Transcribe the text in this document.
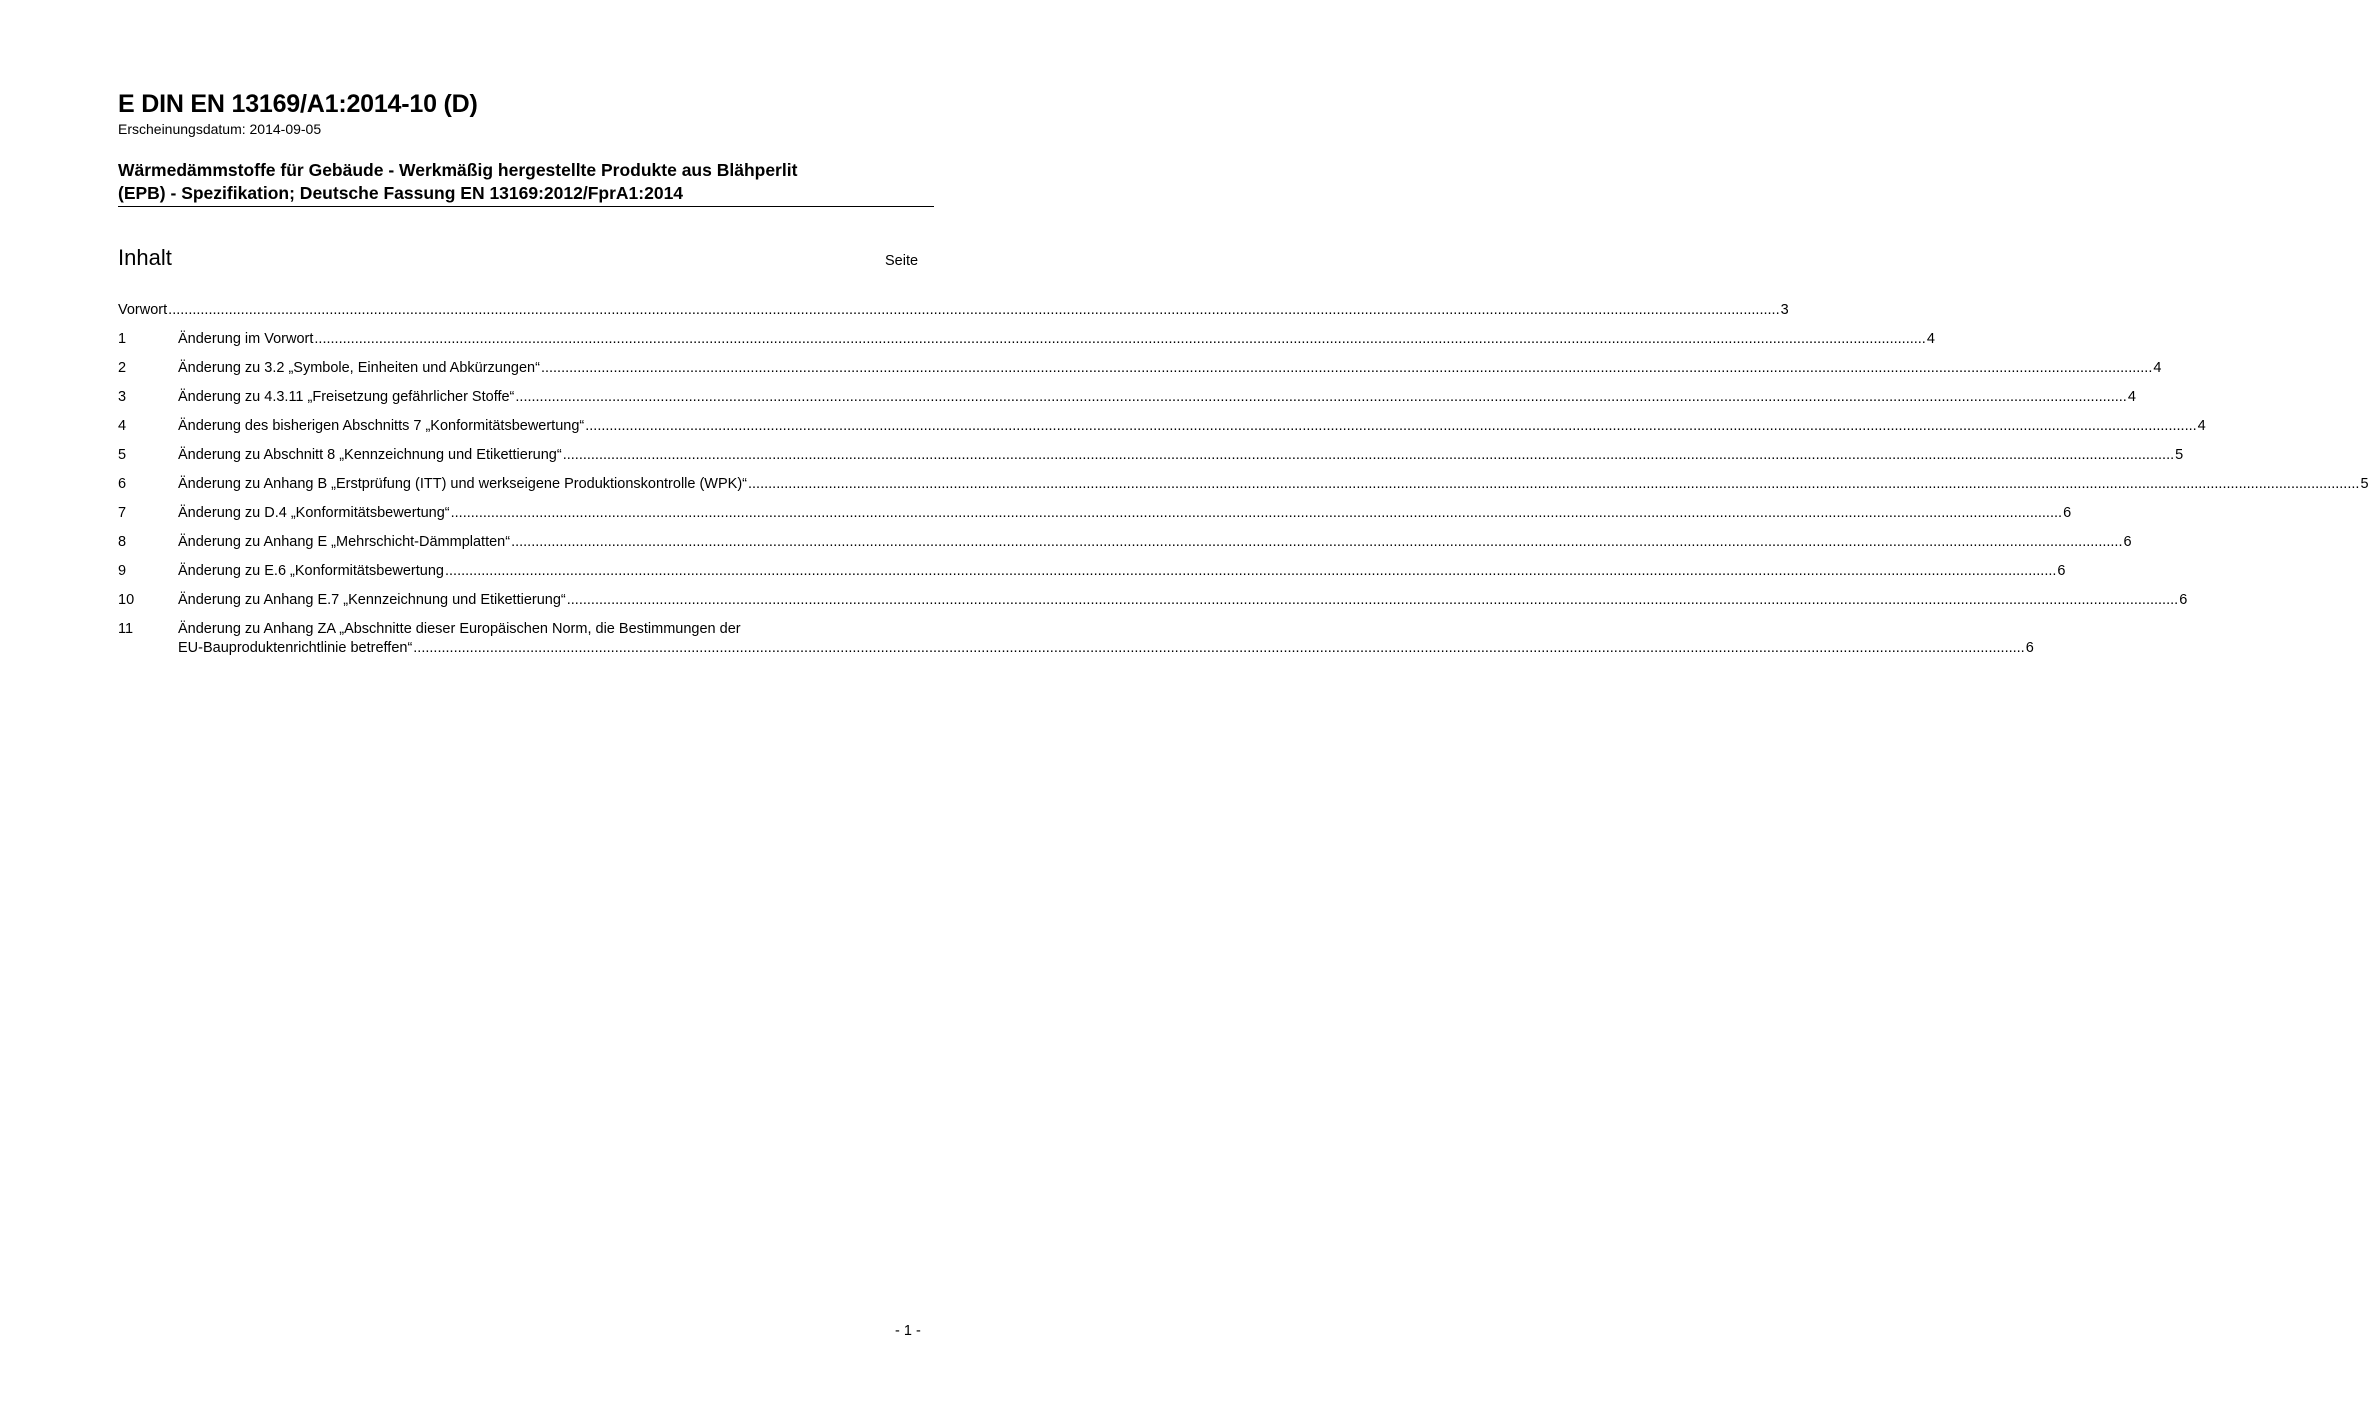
E DIN EN 13169/A1:2014-10 (D)
Erscheinungsdatum: 2014-09-05
Wärmedämmstoffe für Gebäude - Werkmäßig hergestellte Produkte aus Blähperlit
(EPB) - Spezifikation; Deutsche Fassung EN 13169:2012/FprA1:2014
Inhalt	Seite
Vorwort ................................................................................................................................................................................................................................................................................................................................................................................................................ 3
1	Änderung im Vorwort ................................................................................................................................................................................................................................................................................................................................................................................................................ 4
2	Änderung zu 3.2 „Symbole, Einheiten und Abkürzungen“ ................................................................................................................................................................................................................................................................................................................................................................................................................ 4
3	Änderung zu 4.3.11 „Freisetzung gefährlicher Stoffe“ ................................................................................................................................................................................................................................................................................................................................................................................................................ 4
4	Änderung des bisherigen Abschnitts 7 „Konformitätsbewertung“ ................................................................................................................................................................................................................................................................................................................................................................................................................ 4
5	Änderung zu Abschnitt 8 „Kennzeichnung und Etikettierung“ ................................................................................................................................................................................................................................................................................................................................................................................................................ 5
6	Änderung zu Anhang B „Erstprüfung (ITT) und werkseigene Produktionskontrolle (WPK)“ ................................................................................................................................................................................................................................................................................................................................................................................................................ 5
7	Änderung zu D.4 „Konformitätsbewertung“ ................................................................................................................................................................................................................................................................................................................................................................................................................ 6
8	Änderung zu Anhang E „Mehrschicht-Dämmplatten“ ................................................................................................................................................................................................................................................................................................................................................................................................................ 6
9	Änderung zu E.6 „Konformitätsbewertung ................................................................................................................................................................................................................................................................................................................................................................................................................ 6
10	Änderung zu Anhang E.7 „Kennzeichnung und Etikettierung“ ................................................................................................................................................................................................................................................................................................................................................................................................................ 6
11	Änderung zu Anhang ZA „Abschnitte dieser Europäischen Norm, die Bestimmungen der
EU-Bauproduktenrichtlinie betreffen“ ................................................................................................................................................................................................................................................................................................................................................................................................................ 6
- 1 -
